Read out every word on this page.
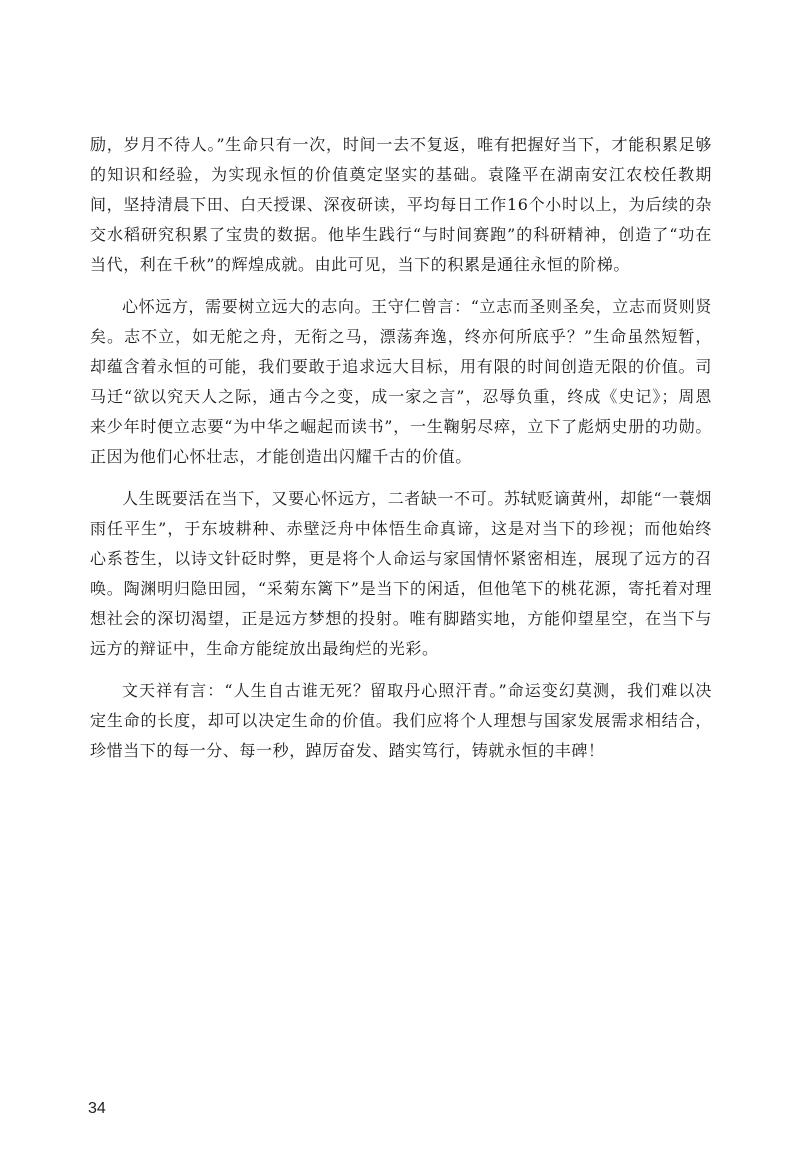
励，岁月不待人。”生命只有一次，时间一去不复返，唯有把握好当下，才能积累足够的知识和经验，为实现永恒的价值奠定坚实的基础。袁隆平在湖南安江农校任教期间，坚持清晨下田、白天授课、深夜研读，平均每日工作16个小时以上，为后续的杂交水稻研究积累了宝贵的数据。他毕生践行“与时间赛跑”的科研精神，创造了“功在当代，利在千秋”的辉煌成就。由此可见，当下的积累是通往永恒的阶梯。

心怀远方，需要树立远大的志向。王守仁曾言：“立志而圣则圣矣，立志而贤则贤矣。志不立，如无舵之舟，无衔之马，漂荡奔逸，终亦何所底乎？”生命虽然短暂，却蕴含着永恒的可能，我们要敢于追求远大目标，用有限的时间创造无限的价值。司马迁“欲以究天人之际，通古今之变，成一家之言”，忍辱负重，终成《史记》；周恩来少年时便立志要“为中华之崛起而读书”，一生鞠躬尽瘁，立下了彪炳史册的功勋。正因为他们心怀壮志，才能创造出闪耀千古的价值。

人生既要活在当下，又要心怀远方，二者缺一不可。苏轼贬谪黄州，却能“一蓑烟雨任平生”，于东坡耕种、赤壁泛舟中体悟生命真谛，这是对当下的珍视；而他始终心系苍生，以诗文针砭时弊，更是将个人命运与家国情怀紧密相连，展现了远方的召唤。陶渊明归隐田园，“采菊东篱下”是当下的闲适，但他笔下的桃花源，寄托着对理想社会的深切渴望，正是远方梦想的投射。唯有脚踏实地，方能仰望星空，在当下与远方的辩证中，生命方能绽放出最绚烂的光彩。

文天祥有言：“人生自古谁无死？留取丹心照汗青。”命运变幻莫测，我们难以决定生命的长度，却可以决定生命的价值。我们应将个人理想与国家发展需求相结合，珍惜当下的每一分、每一秒，踔厉奋发、踏实笃行，铸就永恒的丰碑！

34
